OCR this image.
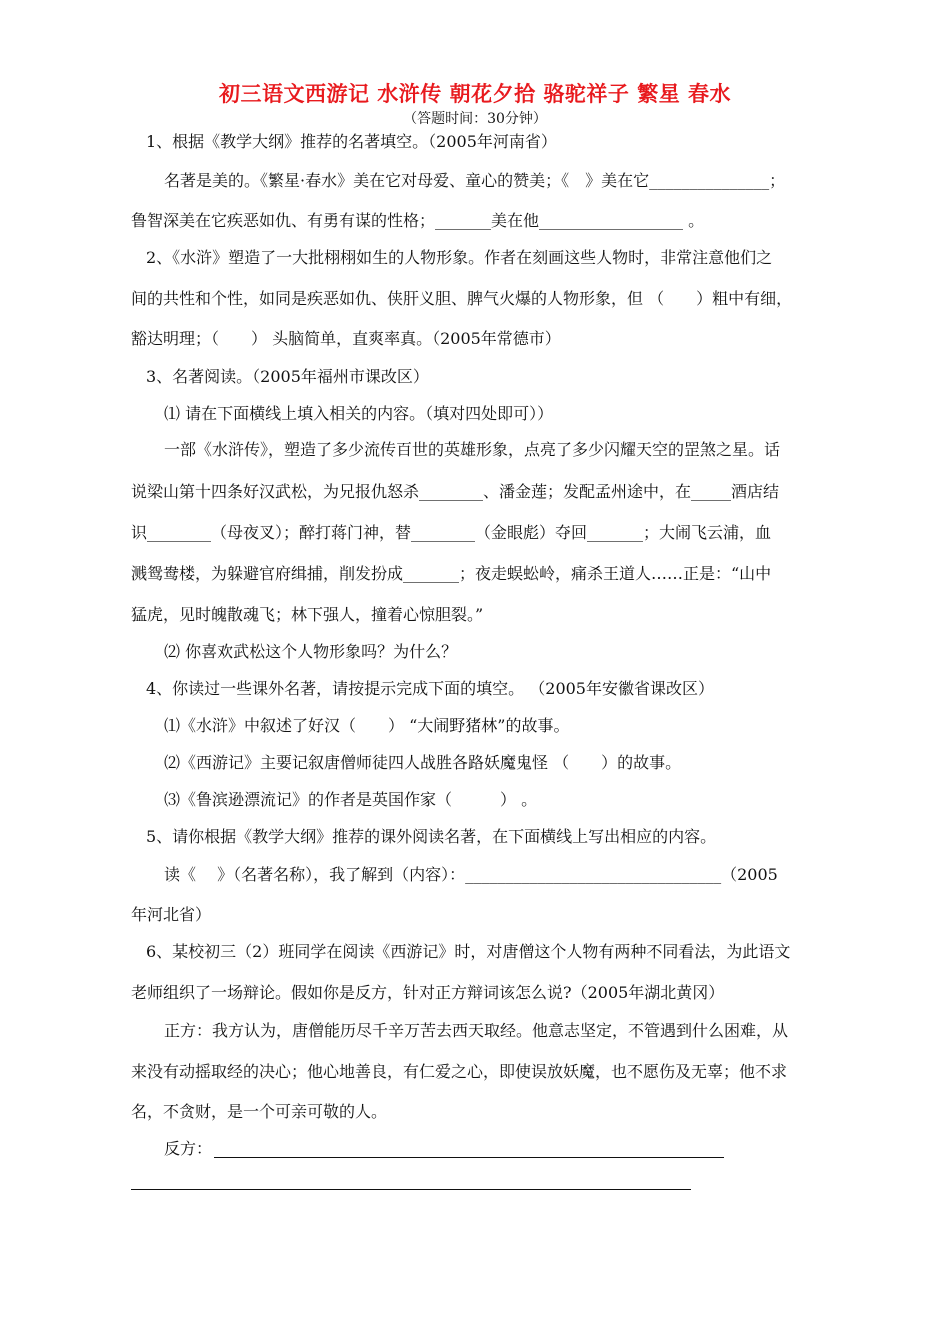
初三语文西游记 水浒传 朝花夕拾 骆驼祥子 繁星 春水
（答题时间：30分钟）
1、根据《教学大纲》推荐的名著填空。（2005年河南省）
名著是美的。《繁星·春水》美在它对母爱、童心的赞美；《　》美在它_______________；
鲁智深美在它疾恶如仇、有勇有谋的性格；_______美在他__________________ 。
2、《水浒》塑造了一大批栩栩如生的人物形象。作者在刻画这些人物时，非常注意他们之
间的共性和个性，如同是疾恶如仇、侠肝义胆、脾气火爆的人物形象，但 （　　）粗中有细，
豁达明理；（　　） 头脑简单，直爽率真。（2005年常德市）
3、名著阅读。（2005年福州市课改区）
⑴ 请在下面横线上填入相关的内容。（填对四处即可））
一部《水浒传》，塑造了多少流传百世的英雄形象，点亮了多少闪耀天空的罡煞之星。话
说梁山第十四条好汉武松，为兄报仇怒杀________、潘金莲；发配孟州途中，在_____酒店结
识________（母夜叉）；醉打蒋门神，替________（金眼彪）夺回_______；大闹飞云浦，血
溅鸳鸯楼，为躲避官府缉捕，削发扮成_______；夜走蜈蚣岭，痛杀王道人……正是：“山中
猛虎，见时魄散魂飞；林下强人，撞着心惊胆裂。”
⑵ 你喜欢武松这个人物形象吗？为什么？
4、你读过一些课外名著，请按提示完成下面的填空。 （2005年安徽省课改区）
⑴《水浒》中叙述了好汉（　　） “大闹野猪林”的故事。
⑵《西游记》主要记叙唐僧师徒四人战胜各路妖魔鬼怪 （　　）的故事。
⑶《鲁滨逊漂流记》的作者是英国作家（　　　） 。
5、请你根据《教学大纲》推荐的课外阅读名著，在下面横线上写出相应的内容。
读《　 》（名著名称），我了解到（内容）：________________________________（2005
年河北省）
6、某校初三（2）班同学在阅读《西游记》时，对唐僧这个人物有两种不同看法，为此语文
老师组织了一场辩论。假如你是反方，针对正方辩词该怎么说?（2005年湖北黄冈）
正方：我方认为，唐僧能历尽千辛万苦去西天取经。他意志坚定，不管遇到什么困难，从
来没有动摇取经的决心；他心地善良，有仁爱之心，即使误放妖魔，也不愿伤及无辜；他不求
名，不贪财，是一个可亲可敬的人。
反方：
